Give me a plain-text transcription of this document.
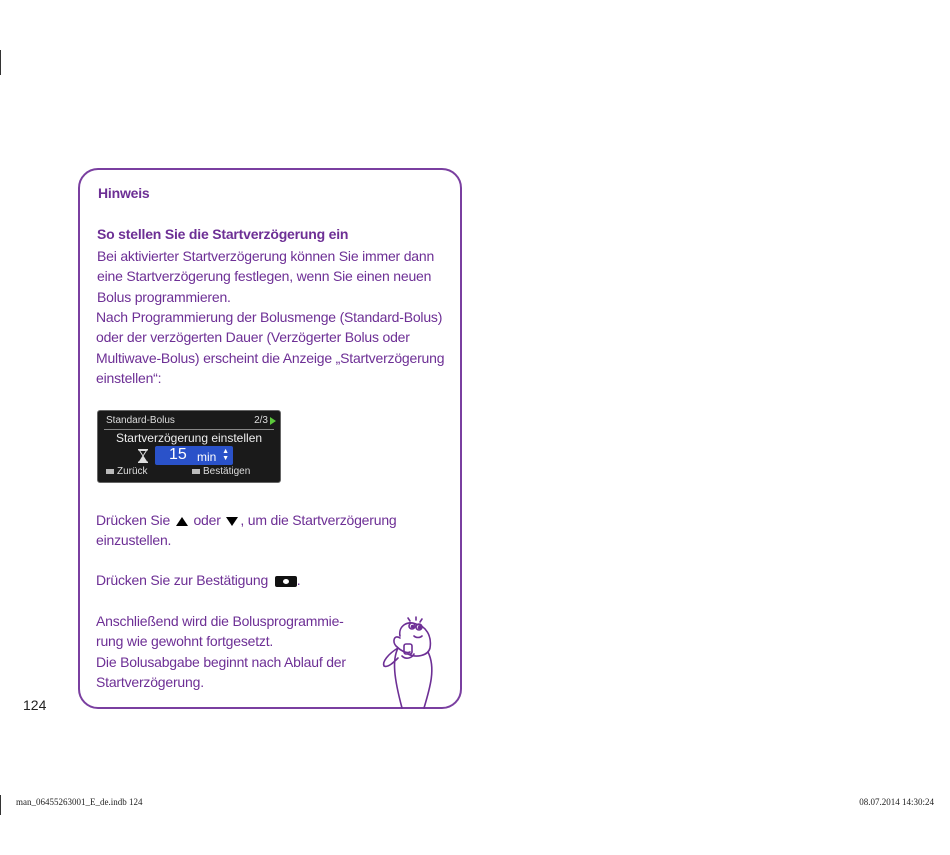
Hinweis
So stellen Sie die Startverzögerung ein
Bei aktivierter Startverzögerung können Sie immer dann
eine Startverzögerung festlegen, wenn Sie einen neuen
Bolus programmieren.
Nach Programmierung der Bolusmenge (Standard-Bolus)
oder der verzögerten Dauer (Verzögerter Bolus oder
Multiwave-Bolus) erscheint die Anzeige „Startverzögerung
einstellen“:
Standard-Bolus	2/3
Startverzögerung einstellen
15 min ▲
▼
Zurück	Bestätigen
Drücken Sie oder , um die Startverzögerung
einzustellen.
Drücken Sie zur Bestätigung .
Anschließend wird die Bolusprogrammie-
rung wie gewohnt fortgesetzt.
Die Bolusabgabe beginnt nach Ablauf der
Startverzögerung.
124
man_06455263001_E_de.indb 124	08.07.2014 14:30:24
